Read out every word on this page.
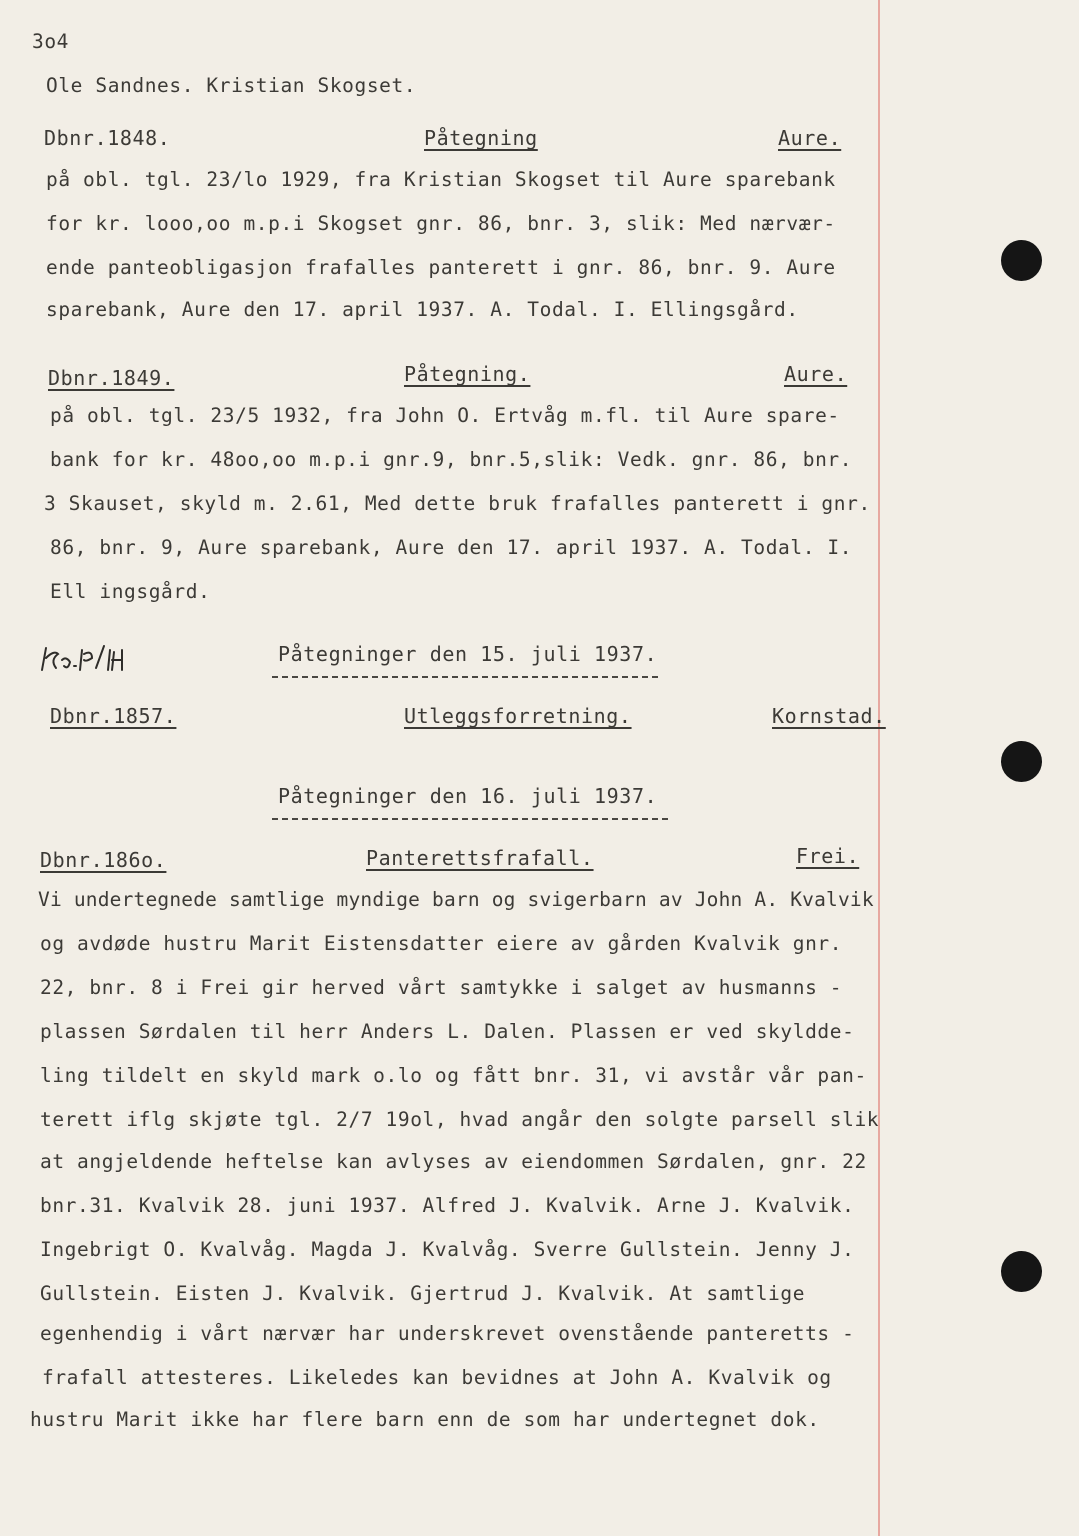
3o4
Ole Sandnes. Kristian Skogset.
Dbnr.1848.	Påtegning	Aure.
på obl. tgl. 23/lo 1929, fra Kristian Skogset til Aure sparebank
for kr. looo,oo m.p.i Skogset gnr. 86, bnr. 3, slik: Med nærvær-
ende panteobligasjon frafalles panterett i gnr. 86, bnr. 9. Aure
sparebank, Aure den 17. april 1937. A. Todal. I. Ellingsgård.
Dbnr.1849.	Påtegning.	Aure.
på obl. tgl. 23/5 1932, fra John O. Ertvåg m.fl. til Aure spare-
bank for kr. 48oo,oo m.p.i gnr.9, bnr.5,slik: Vedk. gnr. 86, bnr.
3 Skauset, skyld m. 2.61, Med dette bruk frafalles panterett i gnr.
86, bnr. 9, Aure sparebank, Aure den 17. april 1937. A. Todal. I.
Ell ingsgård.
Påtegninger den 15. juli 1937.
Dbnr.1857.	Utleggsforretning.	Kornstad.
Påtegninger den 16. juli 1937.
Dbnr.186o.	Panterettsfrafall.	Frei.
Vi undertegnede samtlige myndige barn og svigerbarn av John A. Kvalvik
og avdøde hustru Marit Eistensdatter eiere av gården Kvalvik gnr.
22, bnr. 8 i Frei gir herved vårt samtykke i salget av husmanns -
plassen Sørdalen til herr Anders L. Dalen. Plassen er ved skyldde-
ling tildelt en skyld mark o.lo og fått bnr. 31, vi avstår vår pan-
terett iflg skjøte tgl. 2/7 19ol, hvad angår den solgte parsell slik
at angjeldende heftelse kan avlyses av eiendommen Sørdalen, gnr. 22
bnr.31. Kvalvik 28. juni 1937. Alfred J. Kvalvik. Arne J. Kvalvik.
Ingebrigt O. Kvalvåg. Magda J. Kvalvåg. Sverre Gullstein. Jenny J.
Gullstein. Eisten J. Kvalvik. Gjertrud J. Kvalvik. At samtlige
egenhendig i vårt nærvær har underskrevet ovenstående panteretts -
frafall attesteres. Likeledes kan bevidnes at John A. Kvalvik og
hustru Marit ikke har flere barn enn de som har undertegnet dok.
